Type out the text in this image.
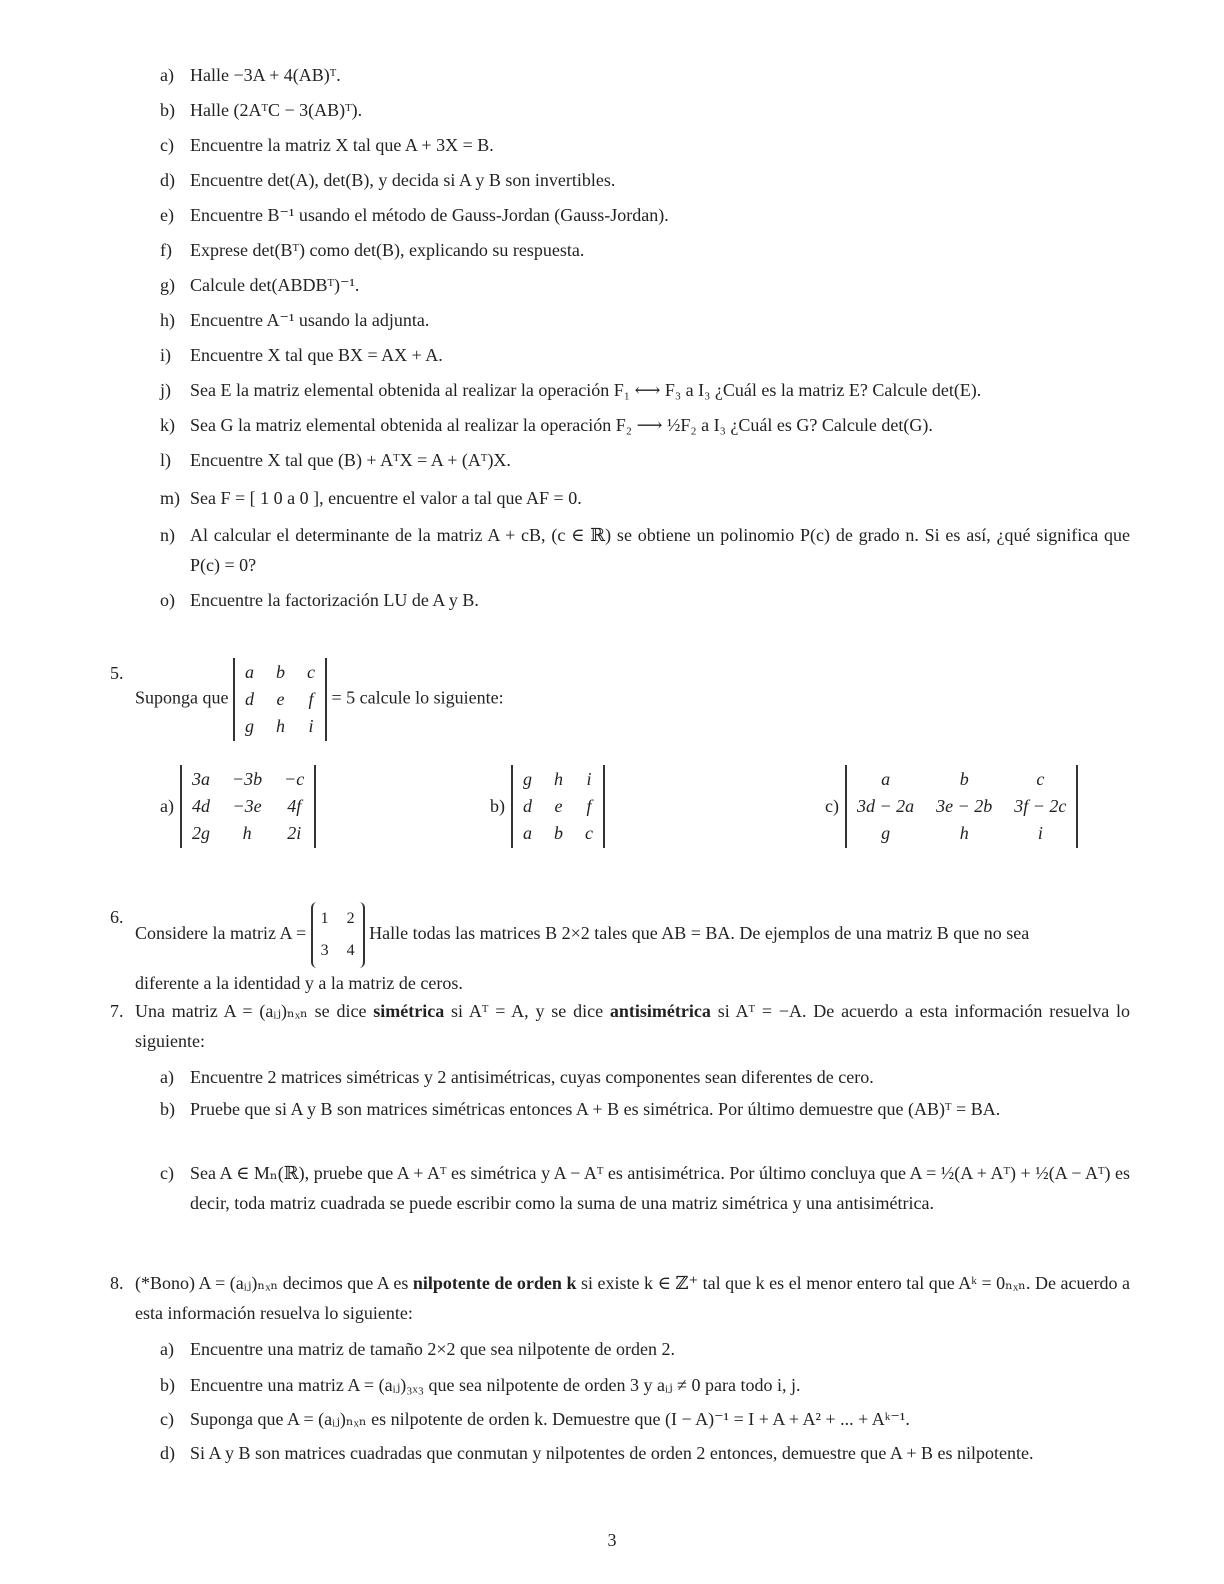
a) Halle −3A + 4(AB)ᵀ.
b) Halle (2AᵀC − 3(AB)ᵀ).
c) Encuentre la matriz X tal que A + 3X = B.
d) Encuentre det(A), det(B), y decida si A y B son invertibles.
e) Encuentre B⁻¹ usando el método de Gauss-Jordan (Gauss-Jordan).
f) Exprese det(Bᵀ) como det(B), explicando su respuesta.
g) Calcule det(ABDBᵀ)⁻¹.
h) Encuentre A⁻¹ usando la adjunta.
i) Encuentre X tal que BX = AX + A.
j) Sea E la matriz elemental obtenida al realizar la operación F₁ ⟷ F₃ a I₃ ¿Cuál es la matriz E? Calcule det(E).
k) Sea G la matriz elemental obtenida al realizar la operación F₂ ⟶ ½F₂ a I₃ ¿Cuál es G? Calcule det(G).
l) Encuentre X tal que (B) + AᵀX = A + (Aᵀ)X.
m) Sea F = [ 1 0 a 0 ], encuentre el valor a tal que AF = 0.
n) Al calcular el determinante de la matriz A + cB, (c ∈ ℝ) se obtiene un polinomio P(c) de grado n. Si es así, ¿qué significa que P(c) = 0?
o) Encuentre la factorización LU de A y B.
5.
Suponga que
a b c
d e f
g h i
= 5 calcule lo siguiente:
a)
3a −3b −c
4d −3e 4f
2g	h	2i
b)
g h i
d e f
a b c
c)
a	b	c
3d − 2a 3e − 2b 3f − 2c
g	h	i
6.
Considere la matriz A =
1 2
3 4
Halle todas las matrices B 2×2 tales que AB = BA. De ejemplos de una matriz B que no sea
diferente a la identidad y a la matriz de ceros.
7. Una matriz A = (aᵢⱼ)ₙₓₙ se dice simétrica si Aᵀ = A, y se dice antisimétrica si Aᵀ = −A. De acuerdo a esta información resuelva lo siguiente:
a) Encuentre 2 matrices simétricas y 2 antisimétricas, cuyas componentes sean diferentes de cero.
b) Pruebe que si A y B son matrices simétricas entonces A + B es simétrica. Por último demuestre que (AB)ᵀ = BA.
c) Sea A ∈ Mₙ(ℝ), pruebe que A + Aᵀ es simétrica y A − Aᵀ es antisimétrica. Por último concluya que A = ½(A + Aᵀ) + ½(A − Aᵀ) es decir, toda matriz cuadrada se puede escribir como la suma de una matriz simétrica y una antisimétrica.
8. (*Bono) A = (aᵢⱼ)ₙₓₙ decimos que A es nilpotente de orden k si existe k ∈ ℤ⁺ tal que k es el menor entero tal que Aᵏ = 0ₙₓₙ. De acuerdo a esta información resuelva lo siguiente:
a) Encuentre una matriz de tamaño 2×2 que sea nilpotente de orden 2.
b) Encuentre una matriz A = (aᵢⱼ)₃ₓ₃ que sea nilpotente de orden 3 y aᵢⱼ ≠ 0 para todo i, j.
c) Suponga que A = (aᵢⱼ)ₙₓₙ es nilpotente de orden k. Demuestre que (I − A)⁻¹ = I + A + A² + ... + Aᵏ⁻¹.
d) Si A y B son matrices cuadradas que conmutan y nilpotentes de orden 2 entonces, demuestre que A + B es nilpotente.
3
